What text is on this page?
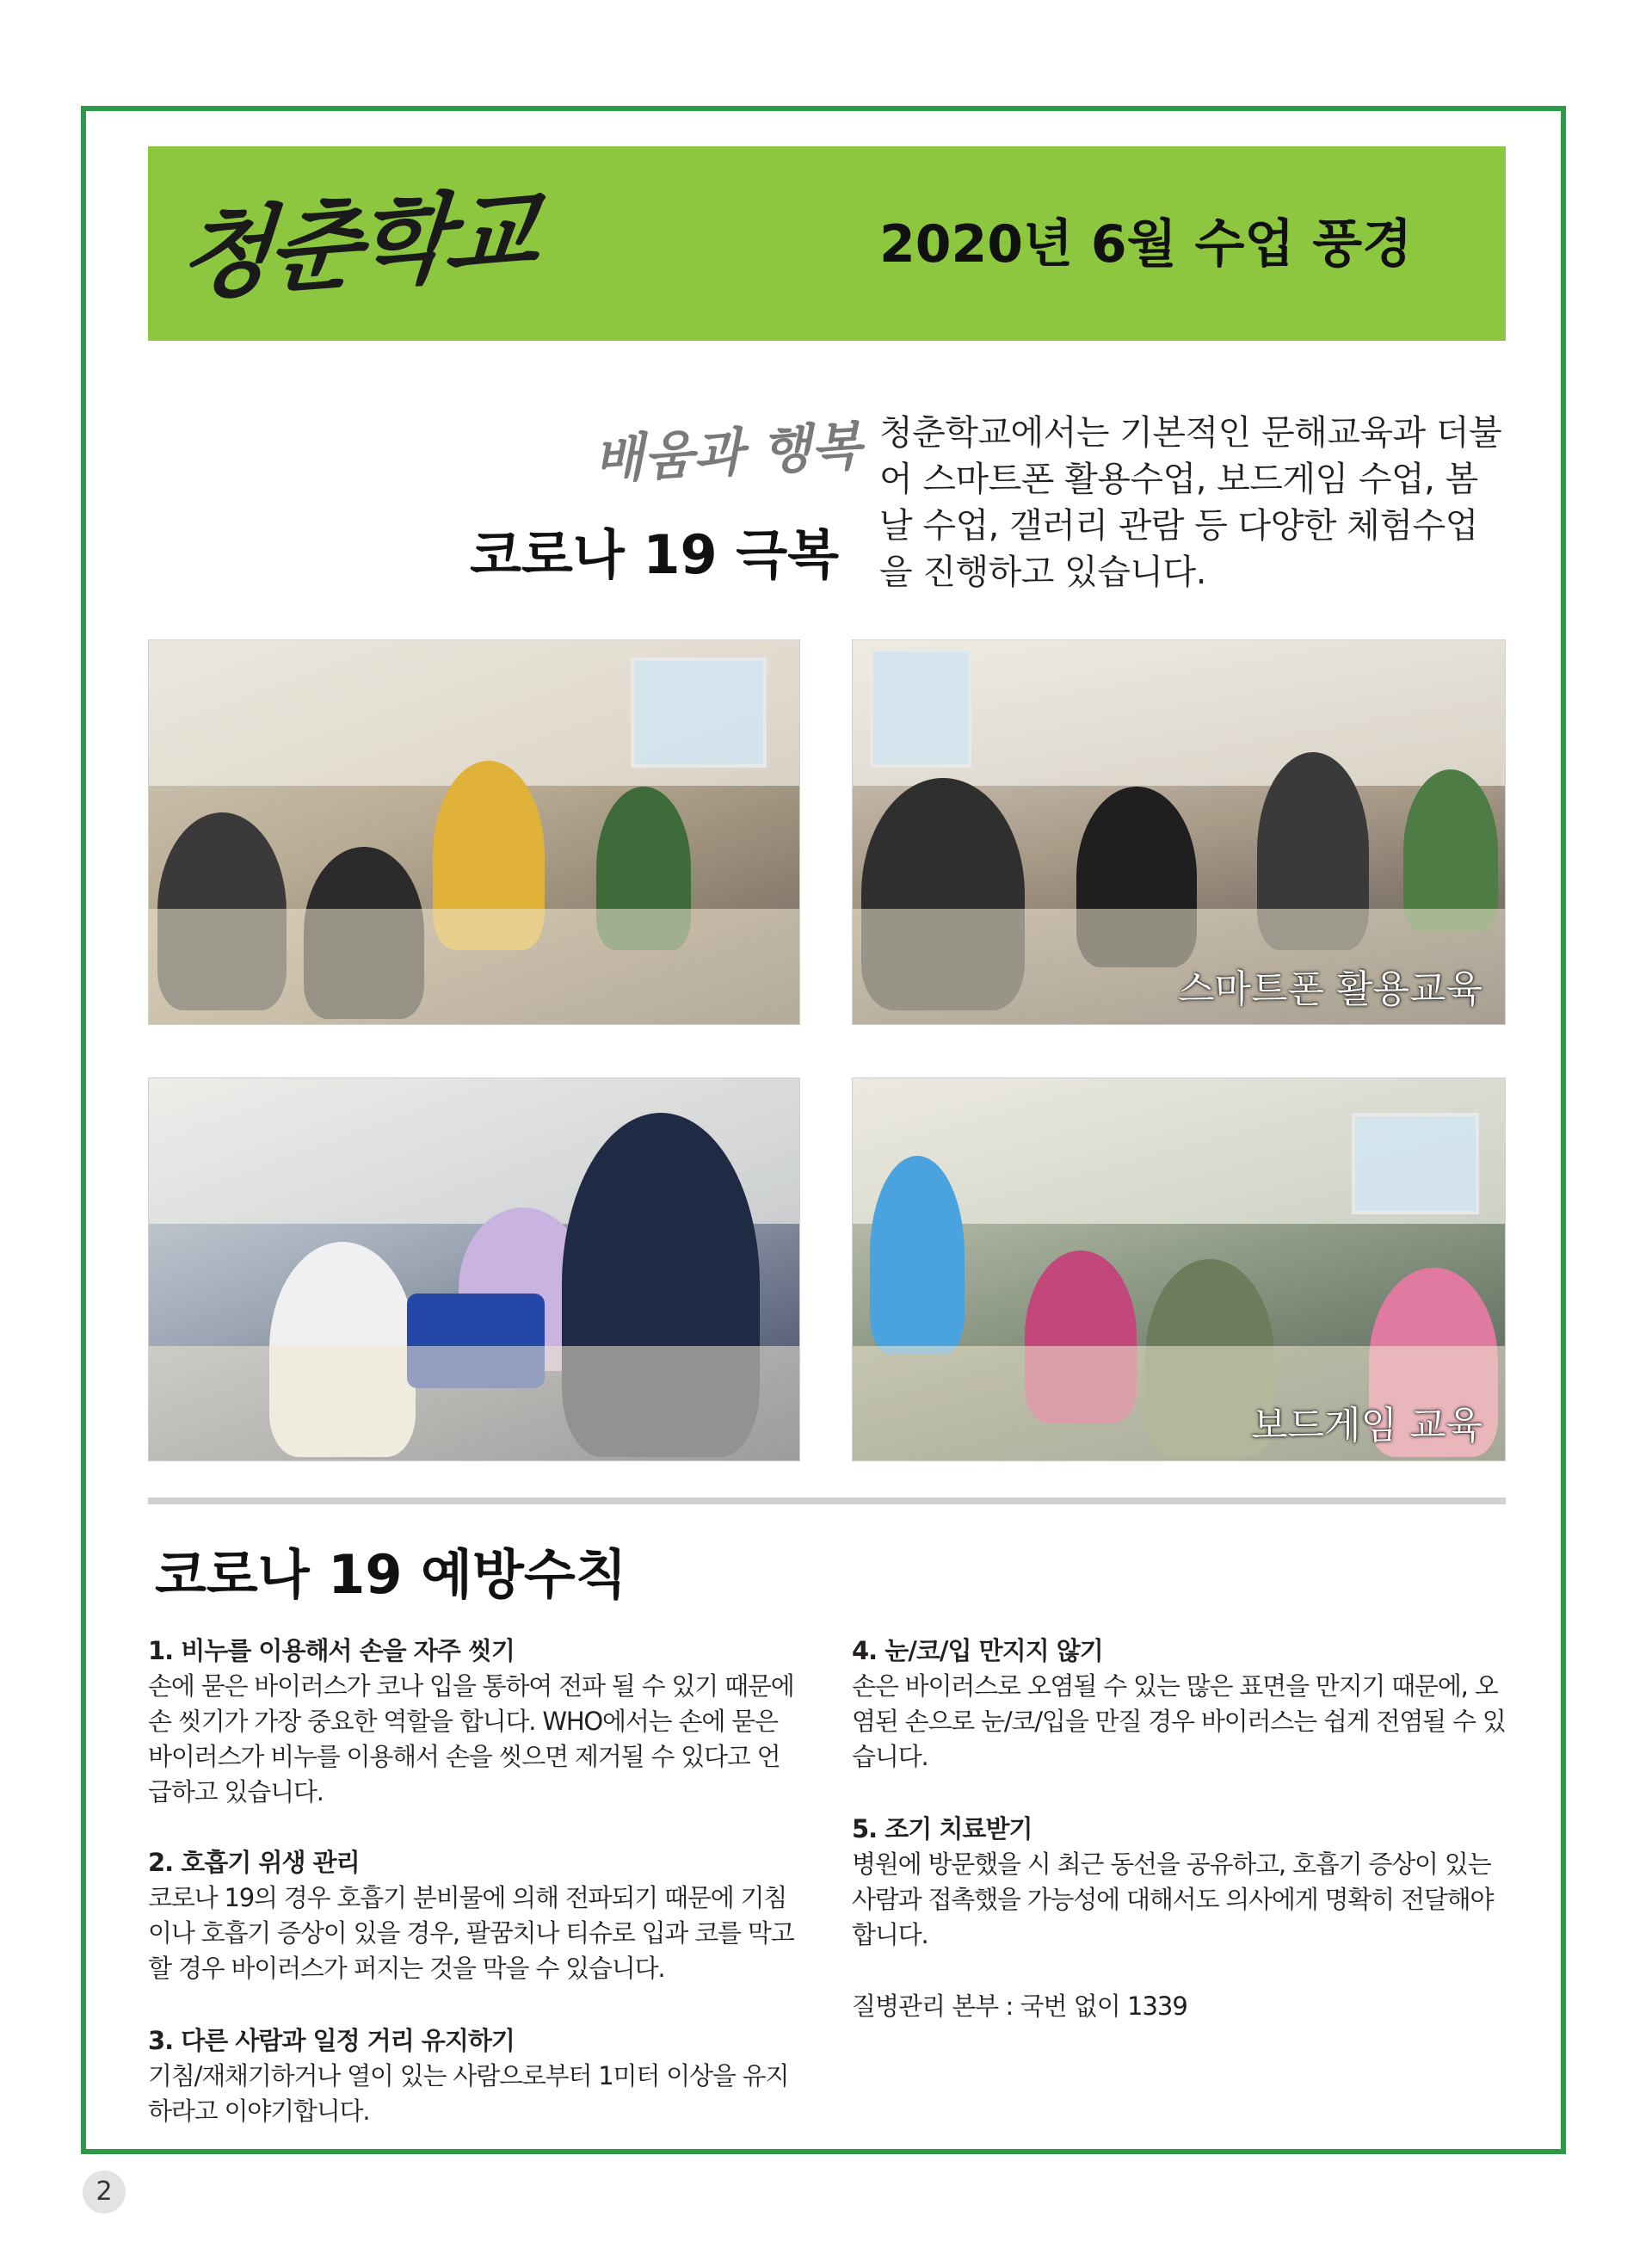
청춘학교	2020년 6월 수업 풍경
배움과 행복
코로나 19 극복
청춘학교에서는 기본적인 문해교육과 더불어 스마트폰 활용수업, 보드게임 수업, 봄날 수업, 갤러리 관람 등 다양한 체험수업을 진행하고 있습니다.
스마트폰 활용교육
보드게임 교육
코로나 19 예방수칙
1. 비누를 이용해서 손을 자주 씻기

손에 묻은 바이러스가 코나 입을 통하여 전파 될 수 있기 때문에 손 씻기가 가장 중요한 역할을 합니다. WHO에서는 손에 묻은 바이러스가 비누를 이용해서 손을 씻으면 제거될 수 있다고 언급하고 있습니다.

2. 호흡기 위생 관리

코로나 19의 경우 호흡기 분비물에 의해 전파되기 때문에 기침이나 호흡기 증상이 있을 경우, 팔꿈치나 티슈로 입과 코를 막고 할 경우 바이러스가 퍼지는 것을 막을 수 있습니다.

3. 다른 사람과 일정 거리 유지하기

기침/재채기하거나 열이 있는 사람으로부터 1미터 이상을 유지하라고 이야기합니다.

4. 눈/코/입 만지지 않기

손은 바이러스로 오염될 수 있는 많은 표면을 만지기 때문에, 오염된 손으로 눈/코/입을 만질 경우 바이러스는 쉽게 전염될 수 있습니다.

5. 조기 치료받기

병원에 방문했을 시 최근 동선을 공유하고, 호흡기 증상이 있는 사람과 접촉했을 가능성에 대해서도 의사에게 명확히 전달해야 합니다.

질병관리 본부 : 국번 없이 1339
2
